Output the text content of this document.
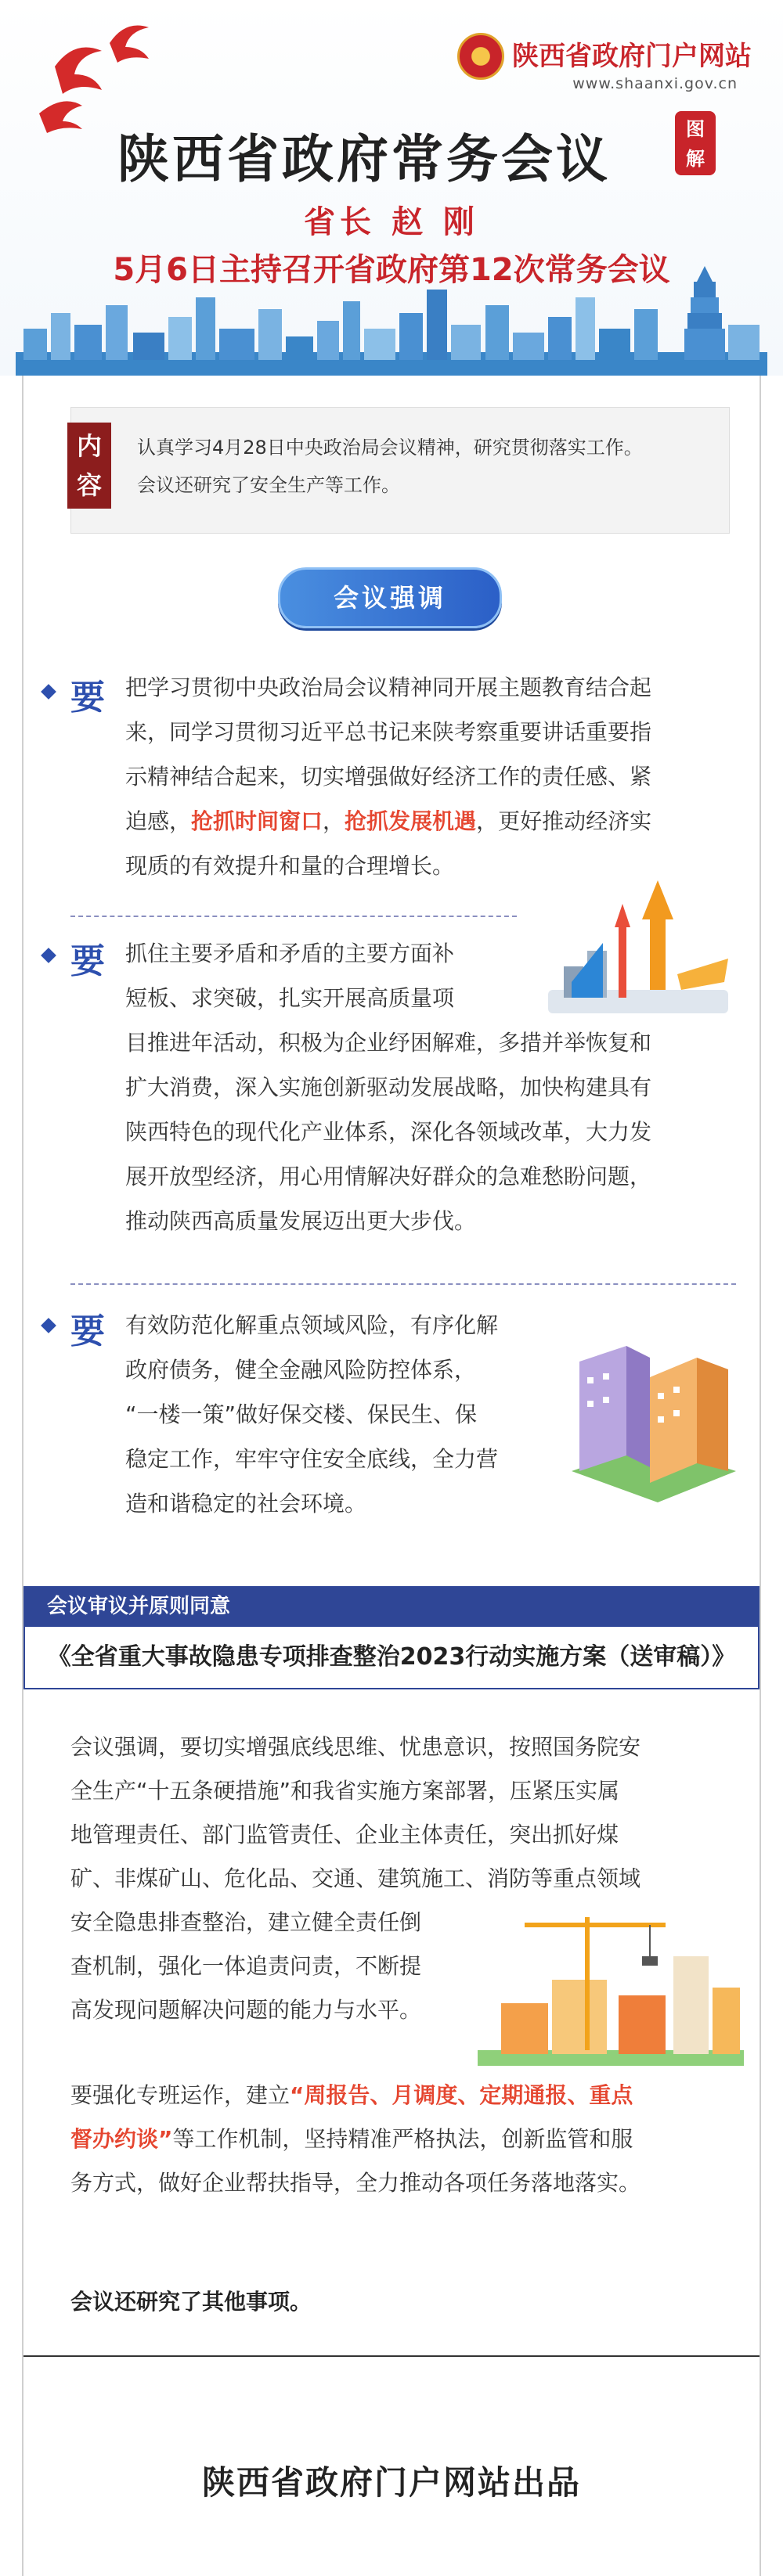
陕西省政府门户网站
www.shaanxi.gov.cn
陕西省政府常务会议	图
解
省长 赵 刚
5月6日主持召开省政府第12次常务会议
内
容
认真学习4月28日中央政治局会议精神，研究贯彻落实工作。
会议还研究了安全生产等工作。
会议强调
要 把学习贯彻中央政治局会议精神同开展主题教育结合起
来，同学习贯彻习近平总书记来陕考察重要讲话重要指
示精神结合起来，切实增强做好经济工作的责任感、紧
迫感，抢抓时间窗口，抢抓发展机遇，更好推动经济实
现质的有效提升和量的合理增长。
要 抓住主要矛盾和矛盾的主要方面补
短板、求突破，扎实开展高质量项
目推进年活动，积极为企业纾困解难，多措并举恢复和
扩大消费，深入实施创新驱动发展战略，加快构建具有
陕西特色的现代化产业体系，深化各领域改革，大力发
展开放型经济，用心用情解决好群众的急难愁盼问题，
推动陕西高质量发展迈出更大步伐。
要 有效防范化解重点领域风险，有序化解
政府债务，健全金融风险防控体系，
“一楼一策”做好保交楼、保民生、保
稳定工作，牢牢守住安全底线，全力营
造和谐稳定的社会环境。
会议审议并原则同意
《全省重大事故隐患专项排查整治2023行动实施方案（送审稿）》
会议强调，要切实增强底线思维、忧患意识，按照国务院安
全生产“十五条硬措施”和我省实施方案部署，压紧压实属
地管理责任、部门监管责任、企业主体责任，突出抓好煤
矿、非煤矿山、危化品、交通、建筑施工、消防等重点领域
安全隐患排查整治，建立健全责任倒
查机制，强化一体追责问责，不断提
高发现问题解决问题的能力与水平。
要强化专班运作，建立“周报告、月调度、定期通报、重点
督办约谈”等工作机制，坚持精准严格执法，创新监管和服
务方式，做好企业帮扶指导，全力推动各项任务落地落实。
会议还研究了其他事项。
陕西省政府门户网站出品
